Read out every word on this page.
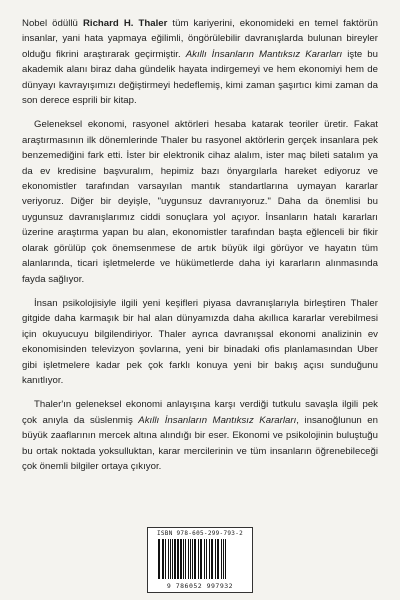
Nobel ödüllü Richard H. Thaler tüm kariyerini, ekonomideki en temel faktörün insanlar, yani hata yapmaya eğilimli, öngörülebilir davranışlarda bulunan bireyler olduğu fikrini araştırarak geçirmiştir. Akıllı İnsanların Mantıksız Kararları işte bu akademik alanı biraz daha gündelik hayata indirgemeyi ve hem ekonomiyi hem de dünyayı kavrayışımızı değiştirmeyi hedeflemiş, kimi zaman şaşırtıcı kimi zaman da son derece esprili bir kitap.

Geleneksel ekonomi, rasyonel aktörleri hesaba katarak teoriler üretir. Fakat araştırmasının ilk dönemlerinde Thaler bu rasyonel aktörlerin gerçek insanlara pek benzemediğini fark etti. İster bir elektronik cihaz alalım, ister maç bileti satalım ya da ev kredisine başvuralım, hepimiz bazı önyargılarla hareket ediyoruz ve ekonomistler tarafından varsayılan mantık standartlarına uymayan kararlar veriyoruz. Diğer bir deyişle, "uygunsuz davranıyoruz." Daha da önemlisi bu uygunsuz davranışlarımız ciddi sonuçlara yol açıyor. İnsanların hatalı kararları üzerine araştırma yapan bu alan, ekonomistler tarafından başta eğlenceli bir fikir olarak görülüp çok önemsenmese de artık büyük ilgi görüyor ve hayatın tüm alanlarında, ticari işletmelerde ve hükümetlerde daha iyi kararların alınmasında fayda sağlıyor.

İnsan psikolojisiyle ilgili yeni keşifleri piyasa davranışlarıyla birleştiren Thaler gitgide daha karmaşık bir hal alan dünyamızda daha akıllıca kararlar verebilmesi için okuyucuyu bilgilendiriyor. Thaler ayrıca davranışsal ekonomi analizinin ev ekonomisinden televizyon şovlarına, yeni bir binadaki ofis planlamasından Uber gibi işletmelere kadar pek çok farklı konuya yeni bir bakış açısı sunduğunu kanıtlıyor.

Thaler'ın geleneksel ekonomi anlayışına karşı verdiği tutkulu savaşla ilgili pek çok anıyla da süslenmiş Akıllı İnsanların Mantıksız Kararları, insanoğlunun en büyük zaaflarının mercek altına alındığı bir eser. Ekonomi ve psikolojinin buluştuğu bu ortak noktada yoksulluktan, karar mercilerinin ve tüm insanların öğrenebileceği çok önemli bilgiler ortaya çıkıyor.

ISBN 978-605-299-793-2
9 786052 997932
